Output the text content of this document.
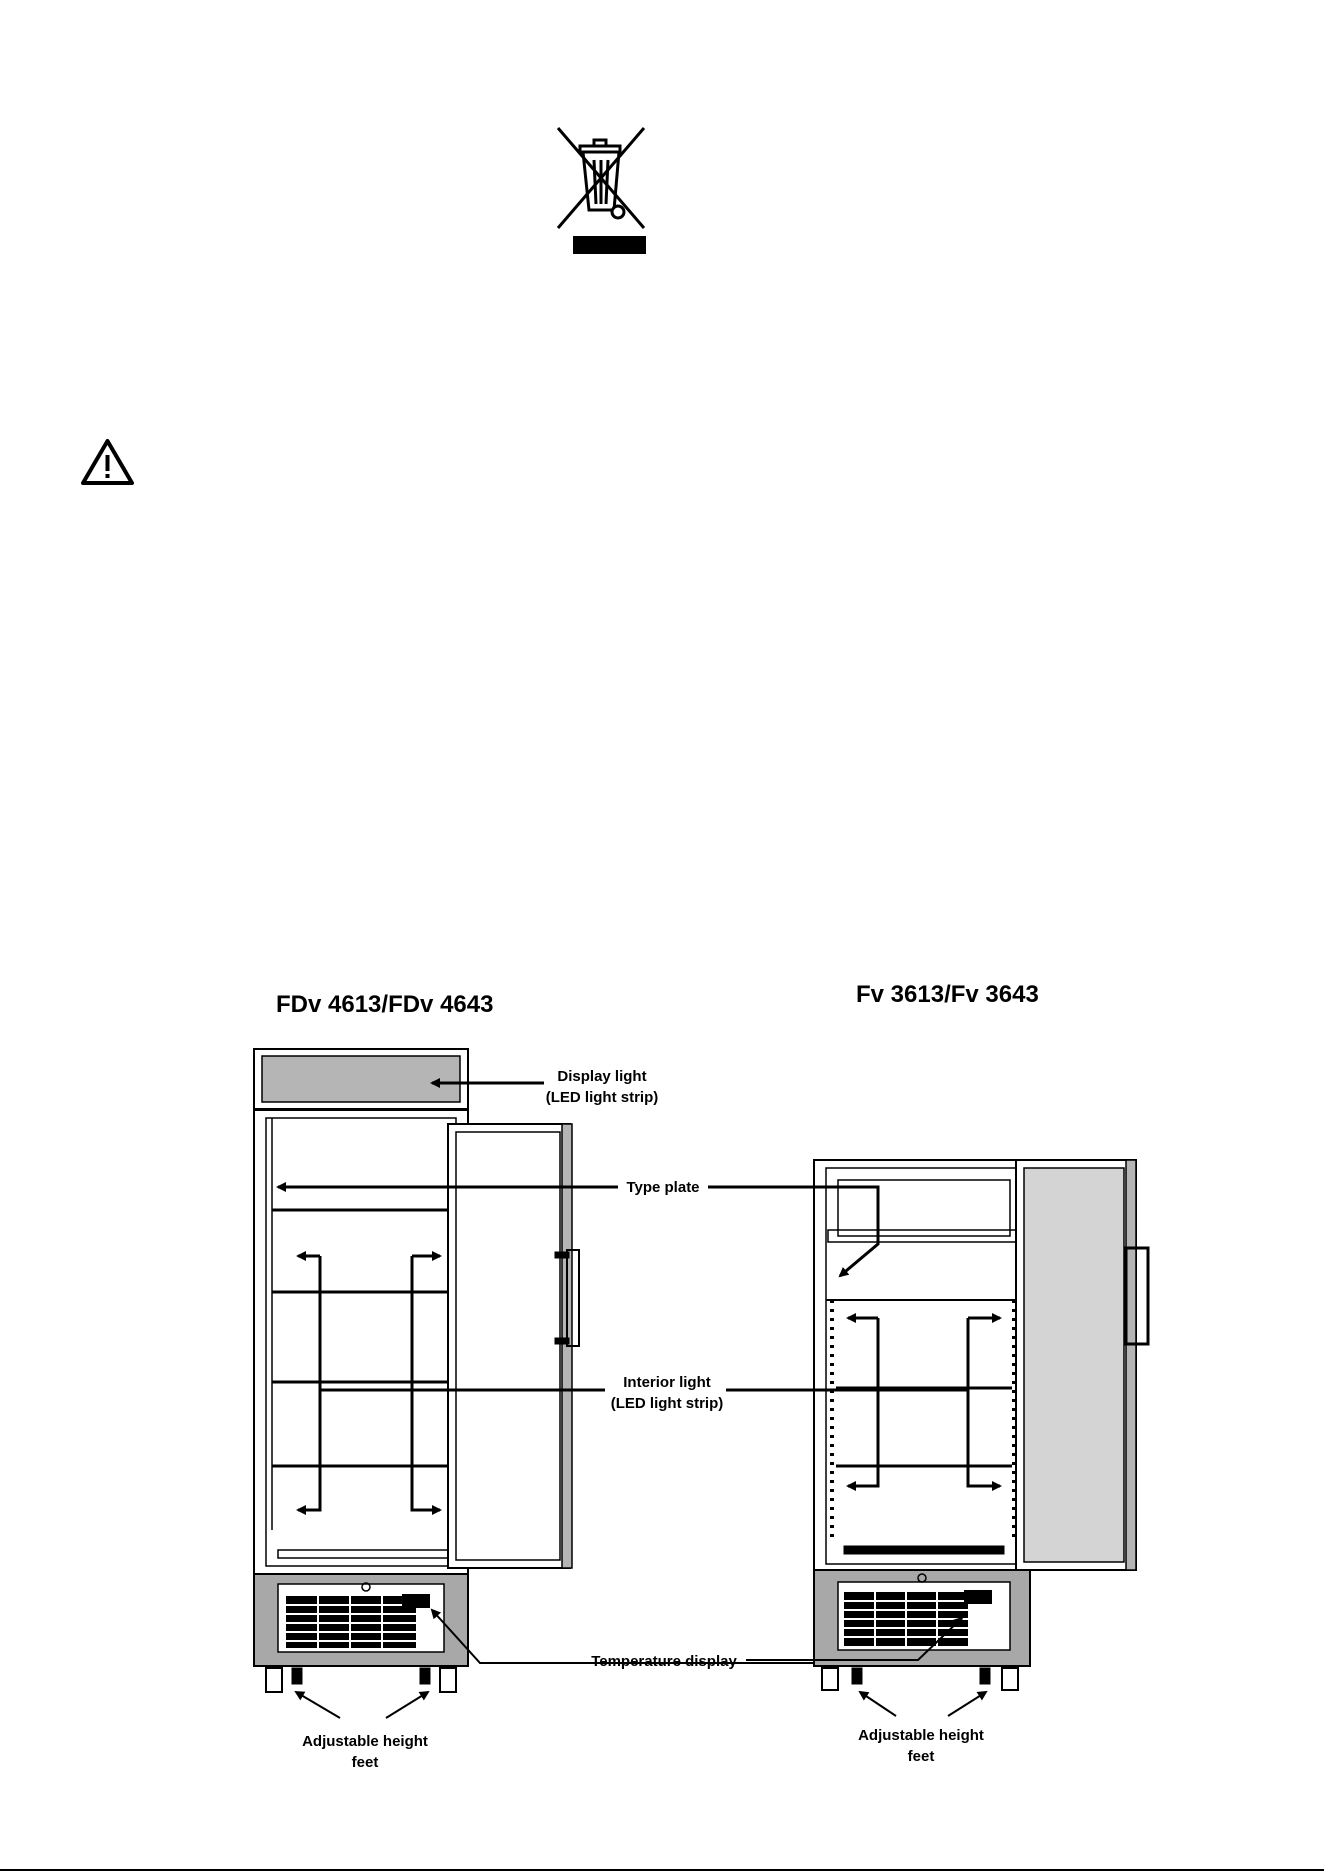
FDv 4613/FDv 4643	Fv 3613/Fv 3643
Display light
(LED light strip)
Type plate
Interior light
(LED light strip)
Temperature display
Adjustable height
feet
Adjustable height
feet
